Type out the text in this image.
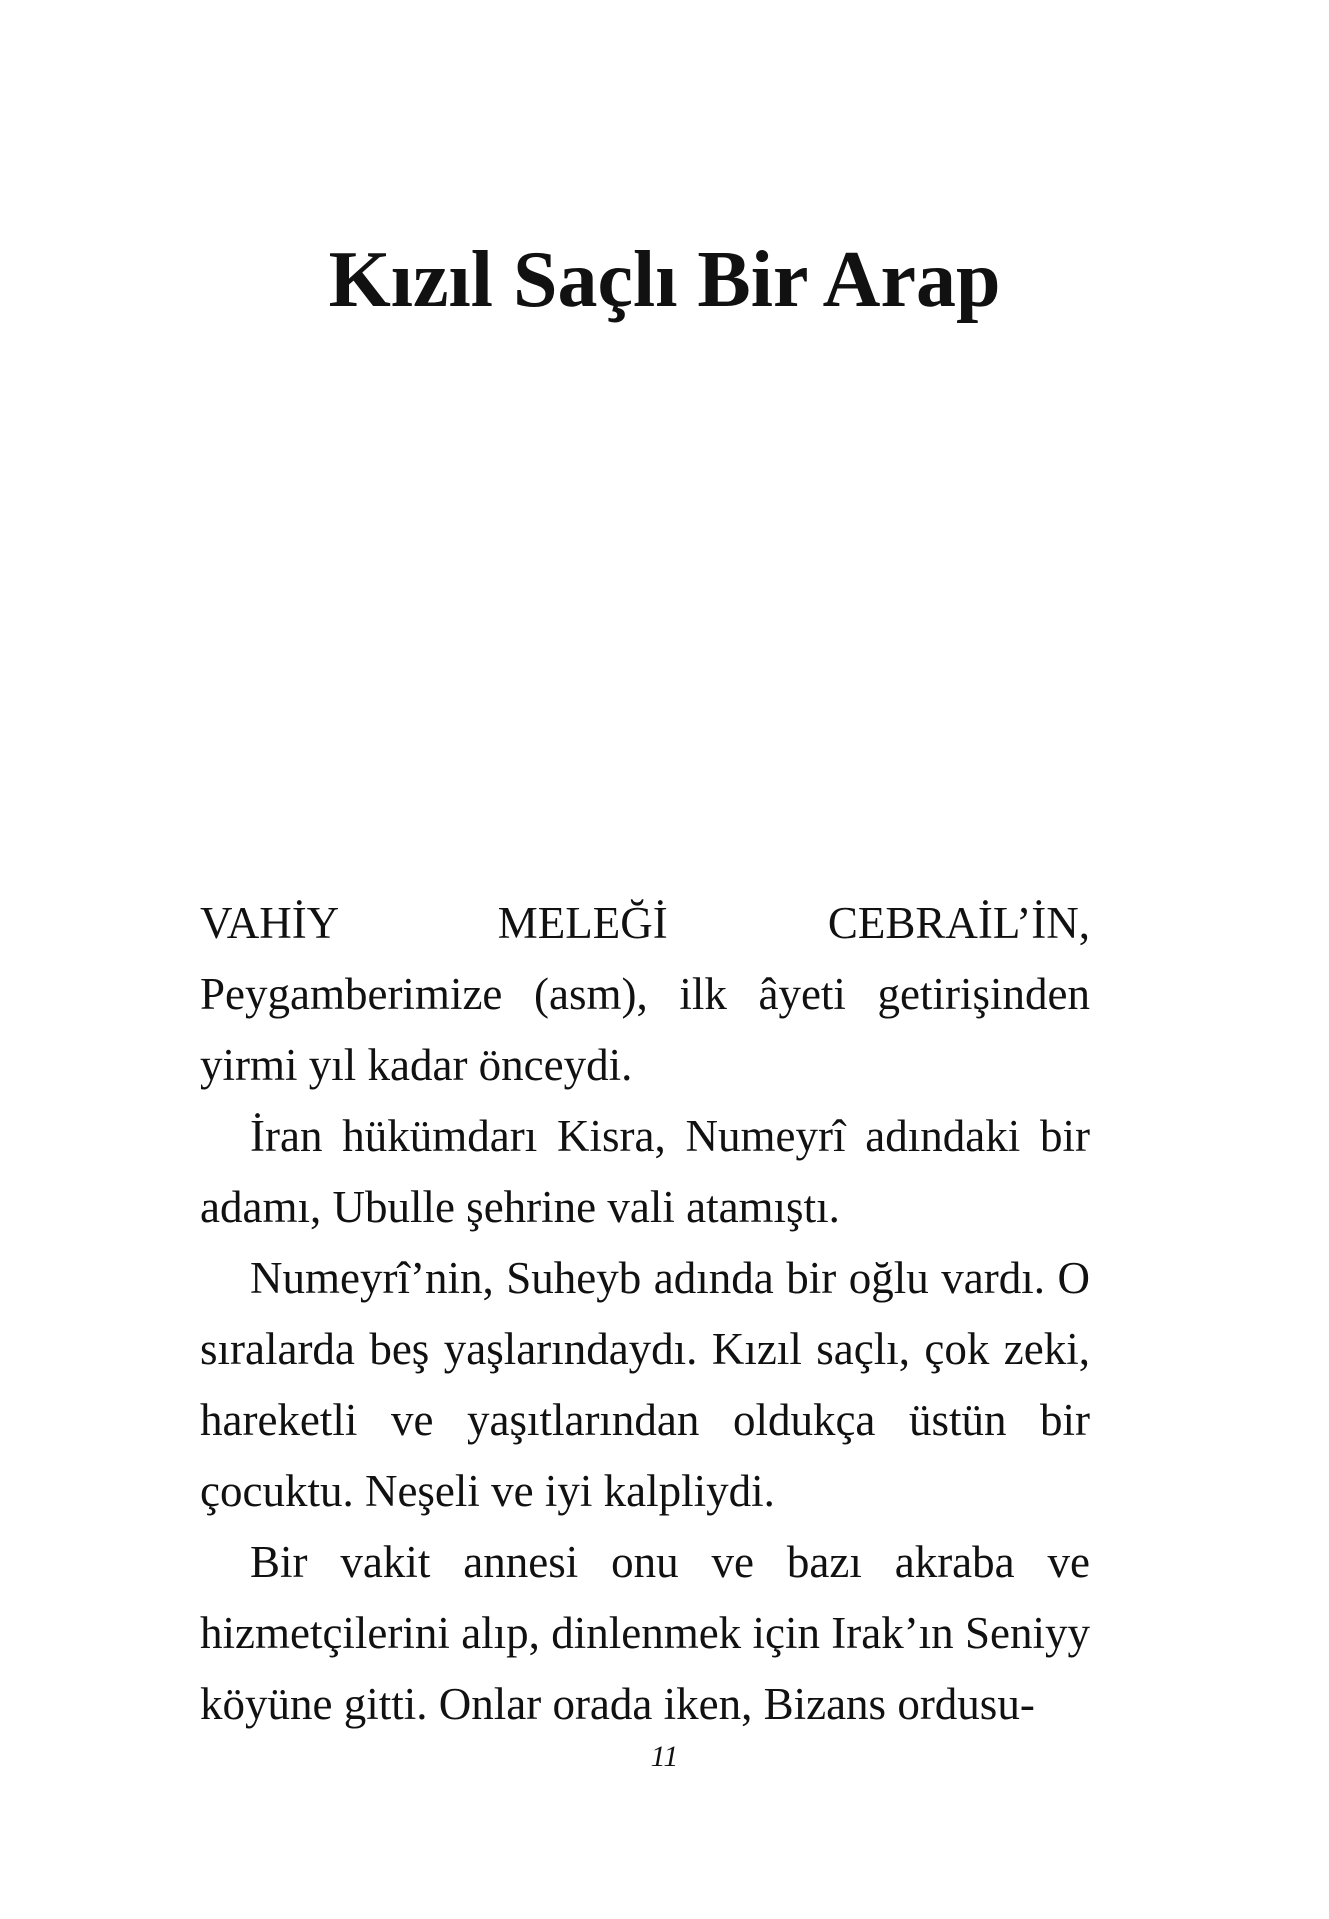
Kızıl Saçlı Bir Arap

VAHİY MELEĞİ CEBRAİL’İN, Peygamberimize (asm), ilk âyeti getirişinden yirmi yıl kadar önceydi.

İran hükümdarı Kisra, Numeyrî adındaki bir adamı, Ubulle şehrine vali atamıştı.

Numeyrî’nin, Suheyb adında bir oğlu vardı. O sıralarda beş yaşlarındaydı. Kızıl saçlı, çok zeki, hareketli ve yaşıtlarından oldukça üstün bir çocuktu. Neşeli ve iyi kalpliydi.

Bir vakit annesi onu ve bazı akraba ve hizmetçilerini alıp, dinlenmek için Irak’ın Seniyy köyüne gitti. Onlar orada iken, Bizans ordusu-

11
